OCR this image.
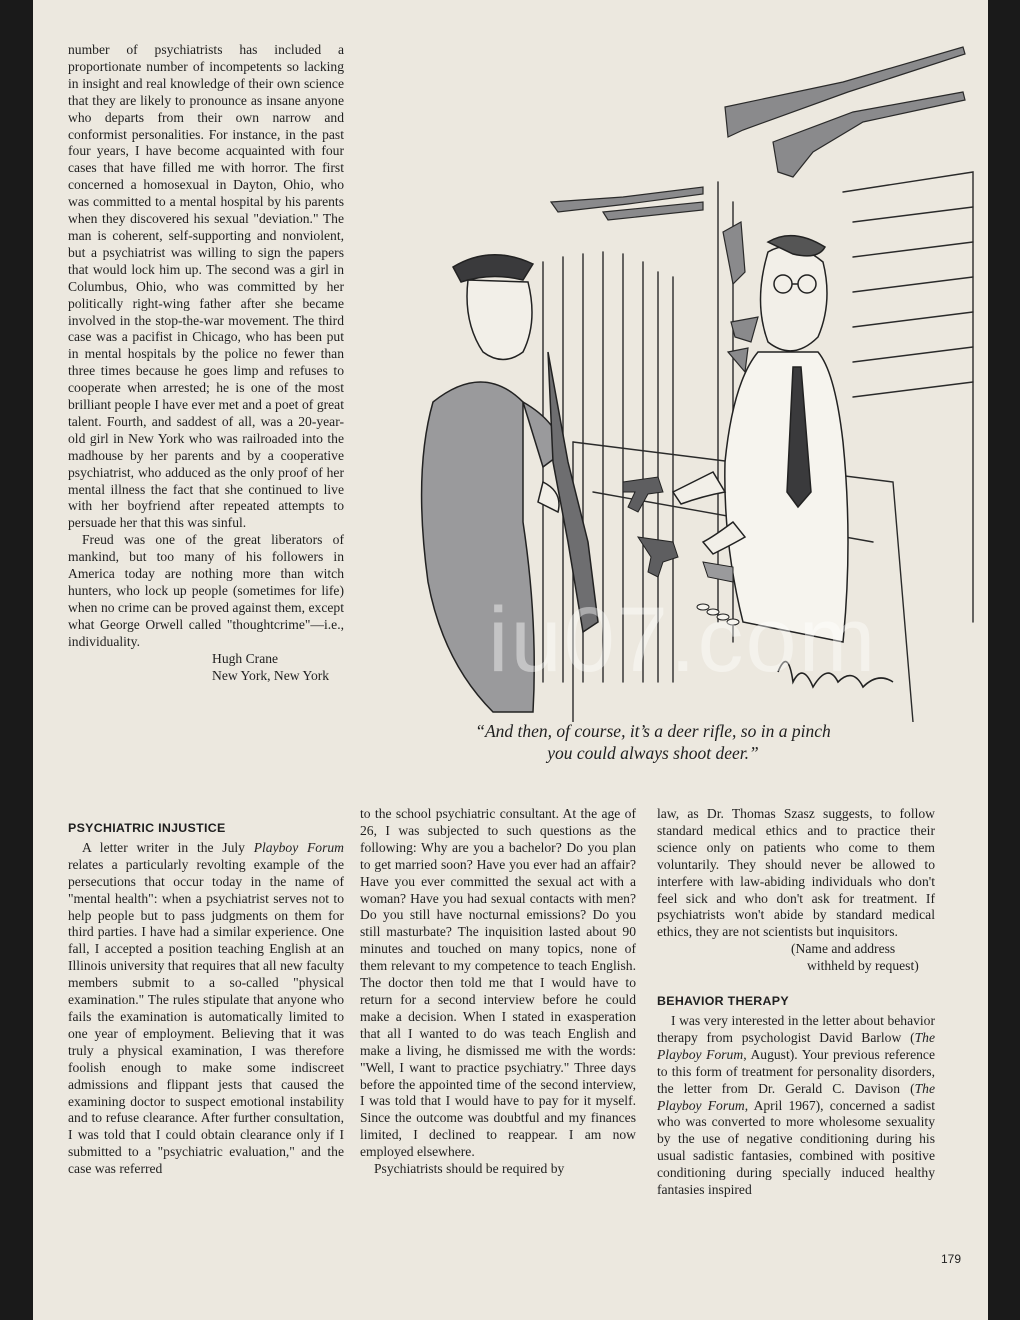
number of psychiatrists has included a proportionate number of incompetents so lacking in insight and real knowledge of their own science that they are likely to pronounce as insane anyone who departs from their own narrow and conformist personalities. For instance, in the past four years, I have become acquainted with four cases that have filled me with horror. The first concerned a homosexual in Dayton, Ohio, who was committed to a mental hospital by his parents when they discovered his sexual "deviation." The man is coherent, self-supporting and nonviolent, but a psychiatrist was willing to sign the papers that would lock him up. The second was a girl in Columbus, Ohio, who was committed by her politically right-wing father after she became involved in the stop-the-war movement. The third case was a pacifist in Chicago, who has been put in mental hospitals by the police no fewer than three times because he goes limp and refuses to cooperate when arrested; he is one of the most brilliant people I have ever met and a poet of great talent. Fourth, and saddest of all, was a 20-year-old girl in New York who was railroaded into the madhouse by her parents and by a cooperative psychiatrist, who adduced as the only proof of her mental illness the fact that she continued to live with her boyfriend after repeated attempts to persuade her that this was sinful.

Freud was one of the great liberators of mankind, but too many of his followers in America today are nothing more than witch hunters, who lock up people (sometimes for life) when no crime can be proved against them, except what George Orwell called "thoughtcrime"—i.e., individuality.

Hugh Crane
New York, New York iu07.com
“And then, of course, it’s a deer rifle, so in a pinch
you could always shoot deer.”
PSYCHIATRIC INJUSTICE

A letter writer in the July Playboy Forum relates a particularly revolting example of the persecutions that occur today in the name of "mental health": when a psychiatrist serves not to help people but to pass judgments on them for third parties. I have had a similar experience. One fall, I accepted a position teaching English at an Illinois university that requires that all new faculty members submit to a so-called "physical examination." The rules stipulate that anyone who fails the examination is automatically limited to one year of employment. Believing that it was truly a physical examination, I was therefore foolish enough to make some indiscreet admissions and flippant jests that caused the examining doctor to suspect emotional instability and to refuse clearance. After further consultation, I was told that I could obtain clearance only if I submitted to a "psychiatric evaluation," and the case was referred

to the school psychiatric consultant. At the age of 26, I was subjected to such questions as the following: Why are you a bachelor? Do you plan to get married soon? Have you ever had an affair? Have you ever committed the sexual act with a woman? Have you had sexual contacts with men? Do you still have nocturnal emissions? Do you still masturbate? The inquisition lasted about 90 minutes and touched on many topics, none of them relevant to my competence to teach English. The doctor then told me that I would have to return for a second interview before he could make a decision. When I stated in exasperation that all I wanted to do was teach English and make a living, he dismissed me with the words: "Well, I want to practice psychiatry." Three days before the appointed time of the second interview, I was told that I would have to pay for it myself. Since the outcome was doubtful and my finances limited, I declined to reappear. I am now employed elsewhere.

Psychiatrists should be required by

law, as Dr. Thomas Szasz suggests, to follow standard medical ethics and to practice their science only on patients who come to them voluntarily. They should never be allowed to interfere with law-abiding individuals who don't feel sick and who don't ask for treatment. If psychiatrists won't abide by standard medical ethics, they are not scientists but inquisitors.

(Name and address
withheld by request)

BEHAVIOR THERAPY

I was very interested in the letter about behavior therapy from psychologist David Barlow (The Playboy Forum, August). Your previous reference to this form of treatment for personality disorders, the letter from Dr. Gerald C. Davison (The Playboy Forum, April 1967), concerned a sadist who was converted to more wholesome sexuality by the use of negative conditioning during his usual sadistic fantasies, combined with positive conditioning during specially induced healthy fantasies inspired

179
